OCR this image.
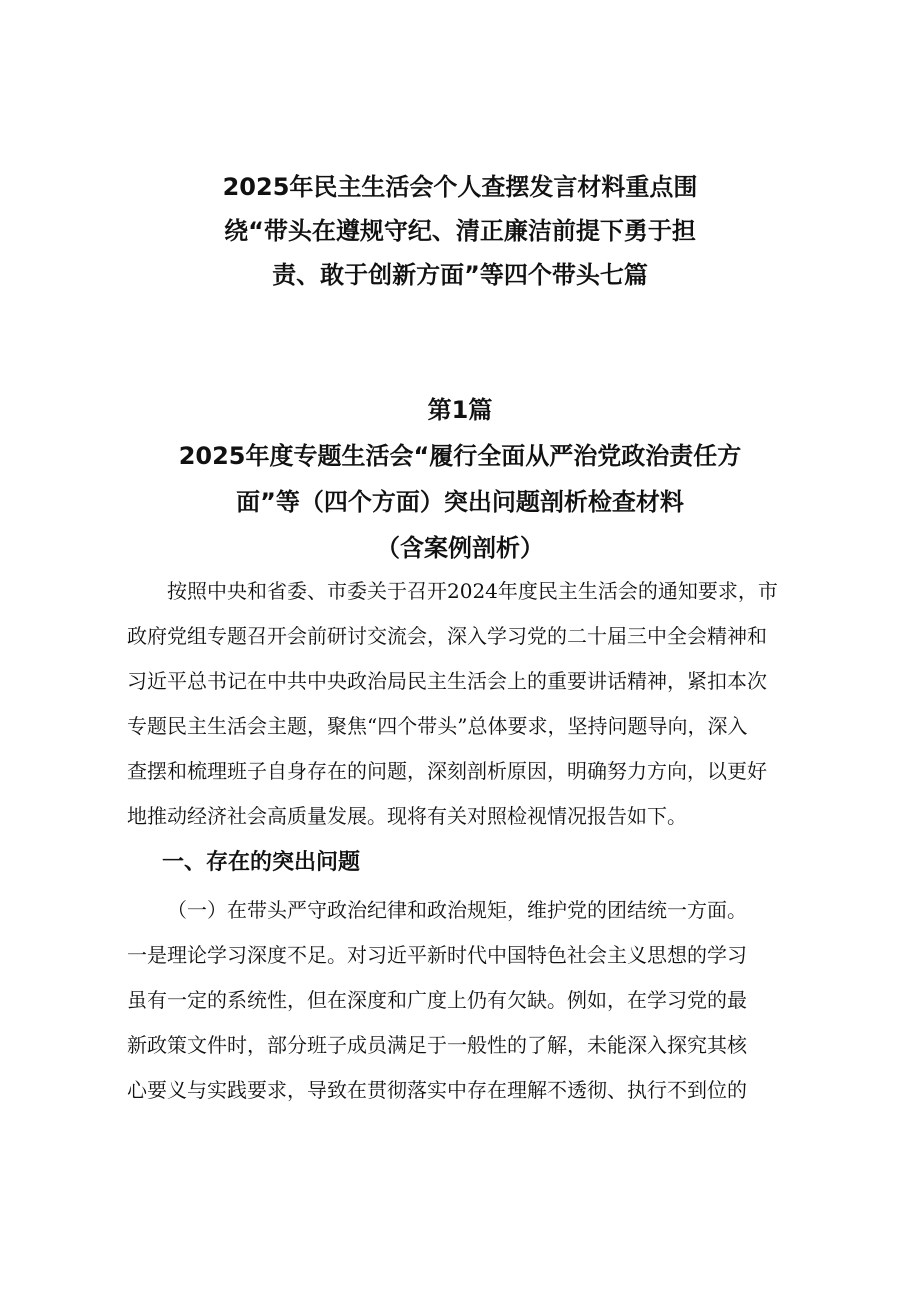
2025年民主生活会个人查摆发言材料重点围
绕“带头在遵规守纪、清正廉洁前提下勇于担
责、敢于创新方面”等四个带头七篇
第1篇
2025年度专题生活会“履行全面从严治党政治责任方
面”等（四个方面）突出问题剖析检查材料
（含案例剖析）
按照中央和省委、市委关于召开2024年度民主生活会的通知要求，市
政府党组专题召开会前研讨交流会，深入学习党的二十届三中全会精神和
习近平总书记在中共中央政治局民主生活会上的重要讲话精神，紧扣本次
专题民主生活会主题，聚焦“四个带头”总体要求，坚持问题导向，深入
查摆和梳理班子自身存在的问题，深刻剖析原因，明确努力方向，以更好
地推动经济社会高质量发展。现将有关对照检视情况报告如下。
一、存在的突出问题
（一）在带头严守政治纪律和政治规矩，维护党的团结统一方面。
一是理论学习深度不足。对习近平新时代中国特色社会主义思想的学习
虽有一定的系统性，但在深度和广度上仍有欠缺。例如，在学习党的最
新政策文件时，部分班子成员满足于一般性的了解，未能深入探究其核
心要义与实践要求，导致在贯彻落实中存在理解不透彻、执行不到位的
